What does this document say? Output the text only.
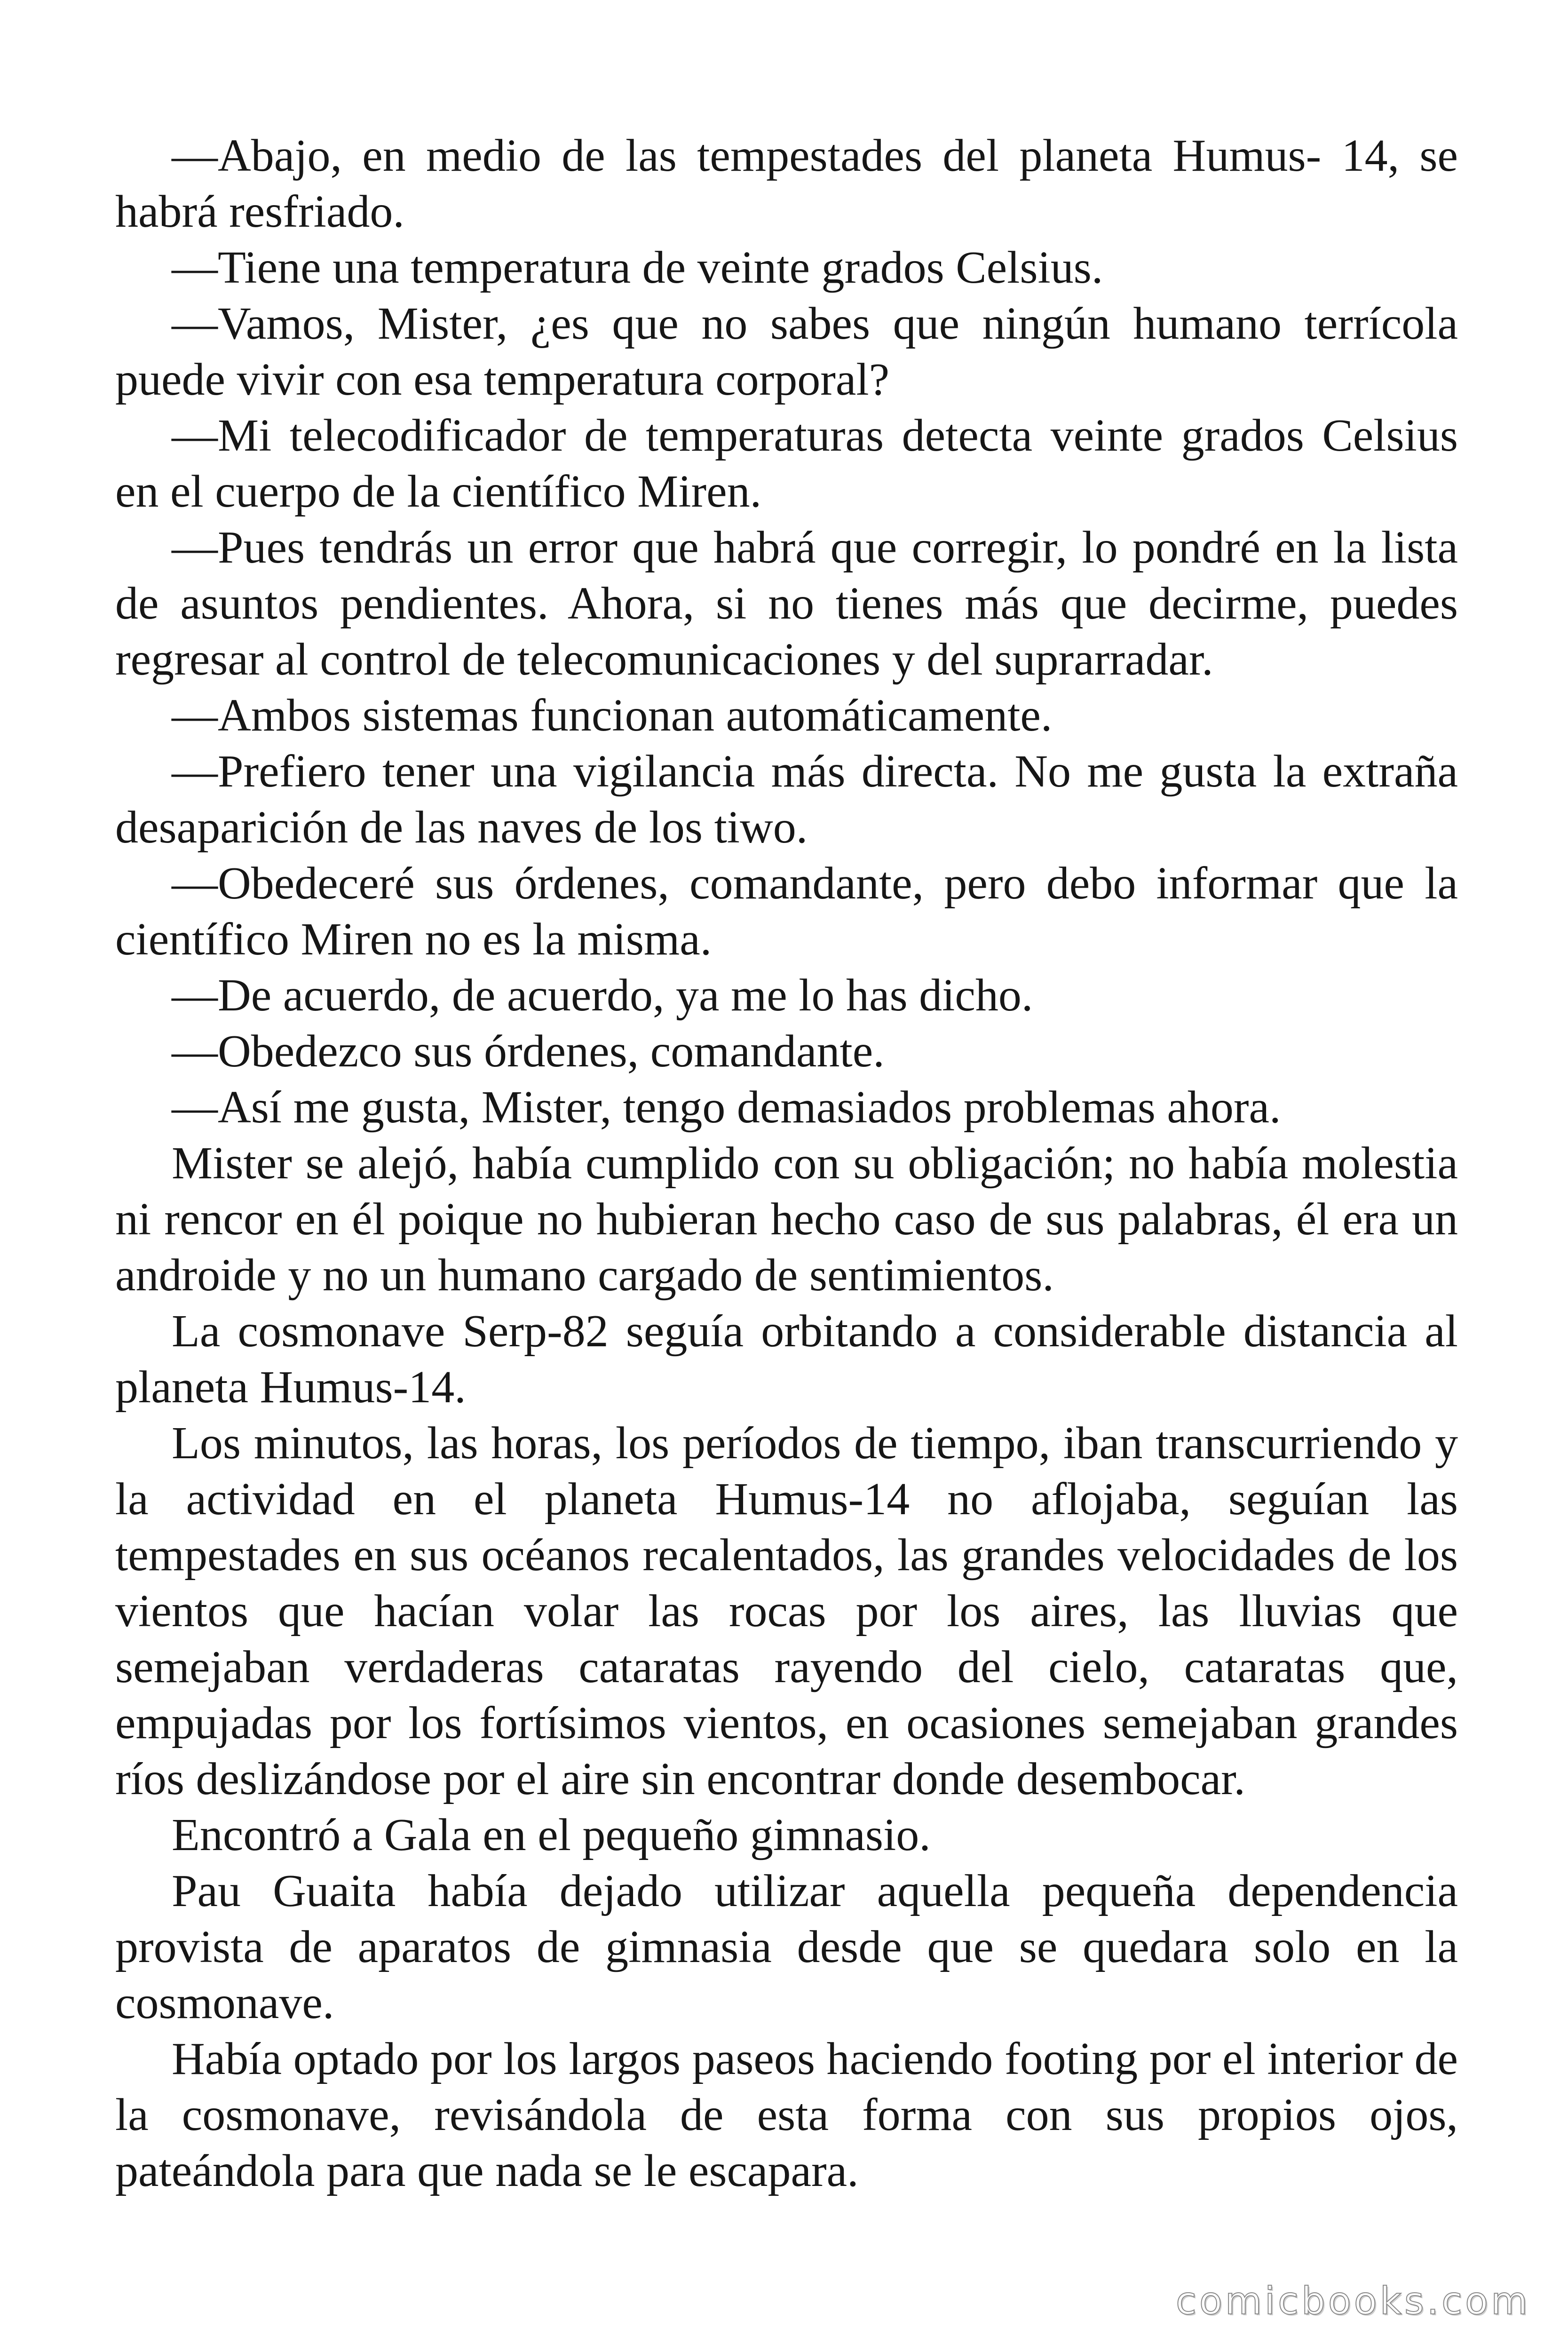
—Abajo, en medio de las tempestades del planeta Humus- 14, se habrá resfriado.

—Tiene una temperatura de veinte grados Celsius.

—Vamos, Mister, ¿es que no sabes que ningún humano terrícola puede vivir con esa temperatura corporal?

—Mi telecodificador de temperaturas detecta veinte grados Celsius en el cuerpo de la científico Miren.

—Pues tendrás un error que habrá que corregir, lo pondré en la lista de asuntos pendientes. Ahora, si no tienes más que decirme, puedes regresar al control de telecomunicaciones y del suprarradar.

—Ambos sistemas funcionan automáticamente.

—Prefiero tener una vigilancia más directa. No me gusta la extraña desaparición de las naves de los tiwo.

—Obedeceré sus órdenes, comandante, pero debo informar que la científico Miren no es la misma.

—De acuerdo, de acuerdo, ya me lo has dicho.

—Obedezco sus órdenes, comandante.

—Así me gusta, Mister, tengo demasiados problemas ahora.

Mister se alejó, había cumplido con su obligación; no había molestia ni rencor en él poique no hubieran hecho caso de sus palabras, él era un androide y no un humano cargado de sentimientos.

La cosmonave Serp-82 seguía orbitando a considerable distancia al planeta Humus-14.

Los minutos, las horas, los períodos de tiempo, iban transcurriendo y la actividad en el planeta Humus-14 no aflojaba, seguían las tempestades en sus océanos recalentados, las grandes velocidades de los vientos que hacían volar las rocas por los aires, las lluvias que semejaban verdaderas cataratas rayendo del cielo, cataratas que, empujadas por los fortísimos vientos, en ocasiones semejaban grandes ríos deslizándose por el aire sin encontrar donde desembocar.

Encontró a Gala en el pequeño gimnasio.

Pau Guaita había dejado utilizar aquella pequeña dependencia provista de aparatos de gimnasia desde que se quedara solo en la cosmonave.

Había optado por los largos paseos haciendo footing por el interior de la cosmonave, revisándola de esta forma con sus propios ojos, pateándola para que nada se le escapara.

comicbooks.com
